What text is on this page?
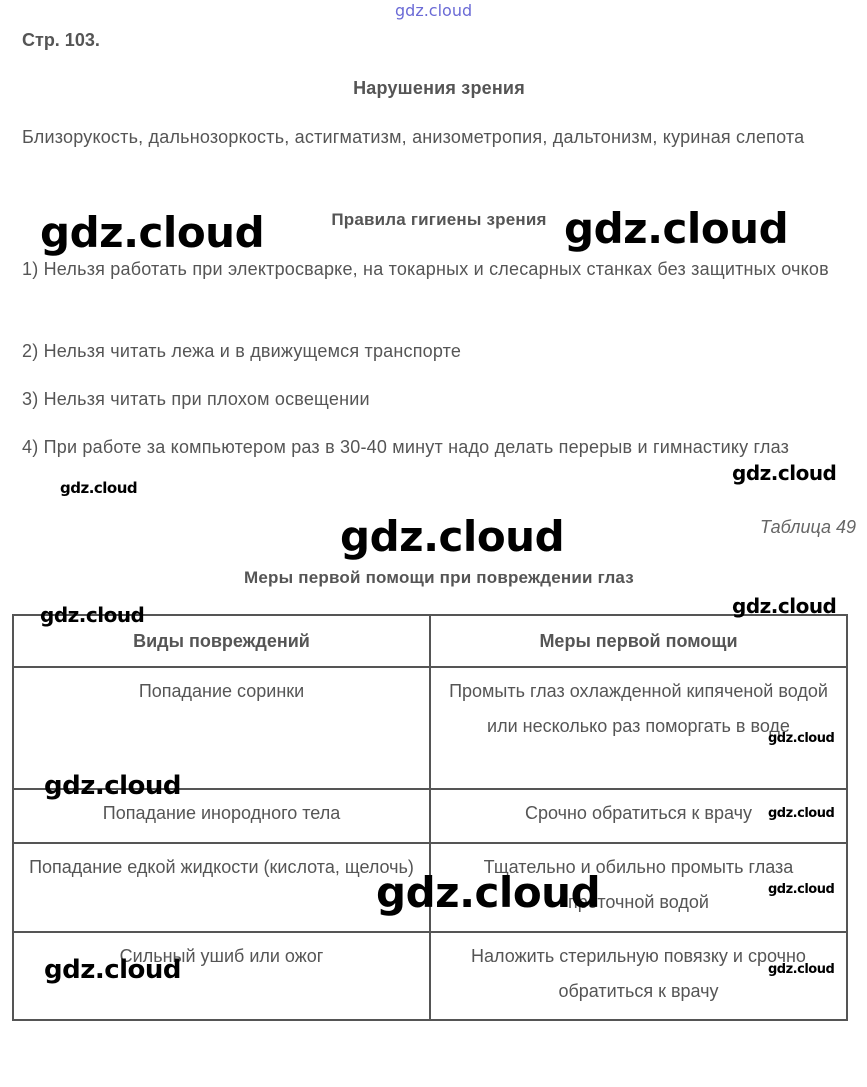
gdz.cloud
Стр. 103.
Нарушения зрения

Близорукость, дальнозоркость, астигматизм, анизометропия, дальтонизм, куриная слепота

Правила гигиены зрения

1) Нельзя работать при электросварке, на токарных и слесарных станках без защитных очков

2) Нельзя читать лежа и в движущемся транспорте

3) Нельзя читать при плохом освещении

4) При работе за компьютером раз в 30-40 минут надо делать перерыв и гимнастику глаз

Таблица 49
Меры первой помощи при повреждении глаз
Виды повреждений	Меры первой помощи
Попадание соринки	Промыть глаз охлажденной кипяченой водой или несколько раз поморгать в воде
Попадание инородного тела	Срочно обратиться к врачу
Попадание едкой жидкости (кислота, щелочь)	Тщательно и обильно промыть глаза проточной водой
Сильный ушиб или ожог	Наложить стерильную повязку и срочно обратиться к врачу
gdz.cloud	gdz.cloud
gdz.cloud
gdz.cloud
gdz.cloud
gdz.cloud	gdz.cloud
gdz.cloud
gdz.cloud
gdz.cloud
gdz.cloud
gdz.cloud
gdz.cloud
gdz.cloud
